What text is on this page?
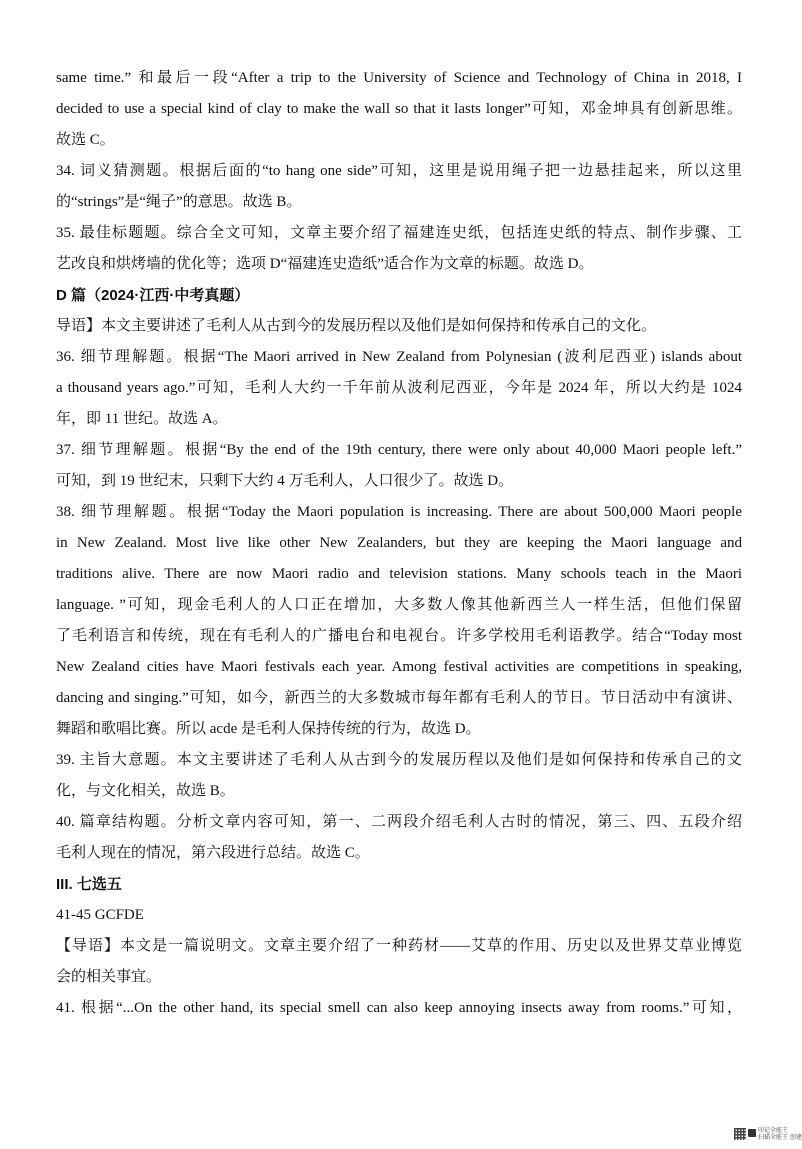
same time.” 和最后一段“After a trip to the University of Science and Technology of China in 2018, I

decided to use a special kind of clay to make the wall so that it lasts longer”可知，邓金坤具有创新思维。

故选 C。

34. 词义猜测题。根据后面的“to hang one side”可知，这里是说用绳子把一边悬挂起来，所以这里

的“strings”是“绳子”的意思。故选 B。

35. 最佳标题题。综合全文可知，文章主要介绍了福建连史纸，包括连史纸的特点、制作步骤、工

艺改良和烘烤墙的优化等；选项 D“福建连史造纸”适合作为文章的标题。故选 D。

D 篇（2024·江西·中考真题）

导语】本文主要讲述了毛利人从古到今的发展历程以及他们是如何保持和传承自己的文化。

36. 细节理解题。根据“The Maori arrived in New Zealand from Polynesian (波利尼西亚) islands about

a thousand years ago.”可知，毛利人大约一千年前从波利尼西亚，今年是 2024 年，所以大约是 1024

年，即 11 世纪。故选 A。

37. 细节理解题。根据“By the end of the 19th century, there were only about 40,000 Maori people left.”

可知，到 19 世纪末，只剩下大约 4 万毛利人，人口很少了。故选 D。

38. 细节理解题。根据“Today the Maori population is increasing. There are about 500,000 Maori people

in New Zealand. Most live like other New Zealanders, but they are keeping the Maori language and

traditions alive. There are now Maori radio and television stations. Many schools teach in the Maori

language. ”可知，现金毛利人的人口正在增加，大多数人像其他新西兰人一样生活，但他们保留

了毛利语言和传统，现在有毛利人的广播电台和电视台。许多学校用毛利语教学。结合“Today most

New Zealand cities have Maori festivals each year. Among festival activities are competitions in speaking,

dancing and singing.”可知，如今，新西兰的大多数城市每年都有毛利人的节日。节日活动中有演讲、

舞蹈和歌唱比赛。所以 acde 是毛利人保持传统的行为，故选 D。

39. 主旨大意题。本文主要讲述了毛利人从古到今的发展历程以及他们是如何保持和传承自己的文

化，与文化相关，故选 B。

40. 篇章结构题。分析文章内容可知，第一、二两段介绍毛利人古时的情况，第三、四、五段介绍

毛利人现在的情况，第六段进行总结。故选 C。

III. 七选五

41-45 GCFDE

【导语】本文是一篇说明文。文章主要介绍了一种药材——艾草的作用、历史以及世界艾草业博览

会的相关事宜。

41. 根据“...On the other hand, its special smell can also keep annoying insects away from rooms.”可知，

印记全能王
扫描全能王 创建
